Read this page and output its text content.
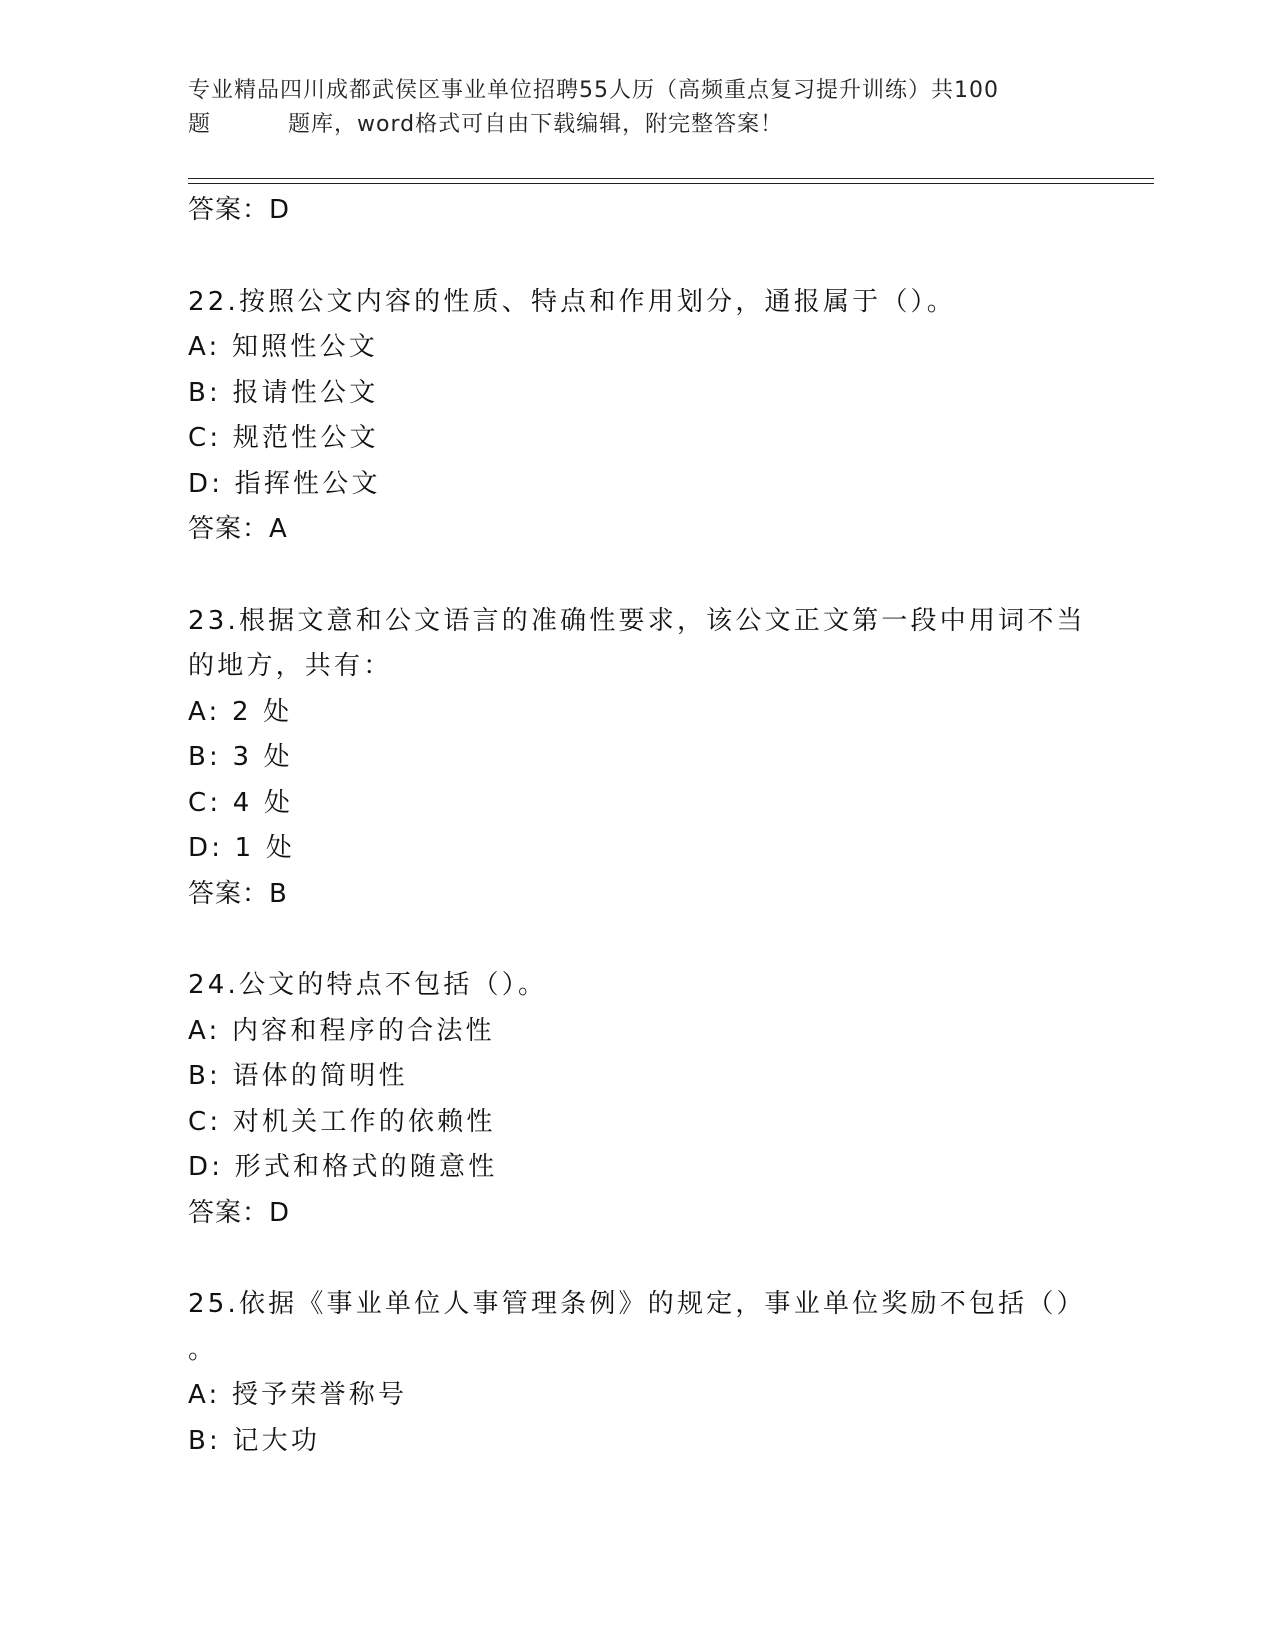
专业精品四川成都武侯区事业单位招聘55人历（高频重点复习提升训练）共100
题	题库，word格式可自由下载编辑，附完整答案！
答案：D
22.按照公文内容的性质、特点和作用划分，通报属于（）。
A: 知照性公文
B: 报请性公文
C: 规范性公文
D: 指挥性公文
答案：A
23.根据文意和公文语言的准确性要求，该公文正文第一段中用词不当
的地方，共有：
A: 2 处
B: 3 处
C: 4 处
D: 1 处
答案：B
24.公文的特点不包括（）。
A: 内容和程序的合法性
B: 语体的简明性
C: 对机关工作的依赖性
D: 形式和格式的随意性
答案：D
25.依据《事业单位人事管理条例》的规定，事业单位奖励不包括（）
。
A: 授予荣誉称号
B: 记大功
